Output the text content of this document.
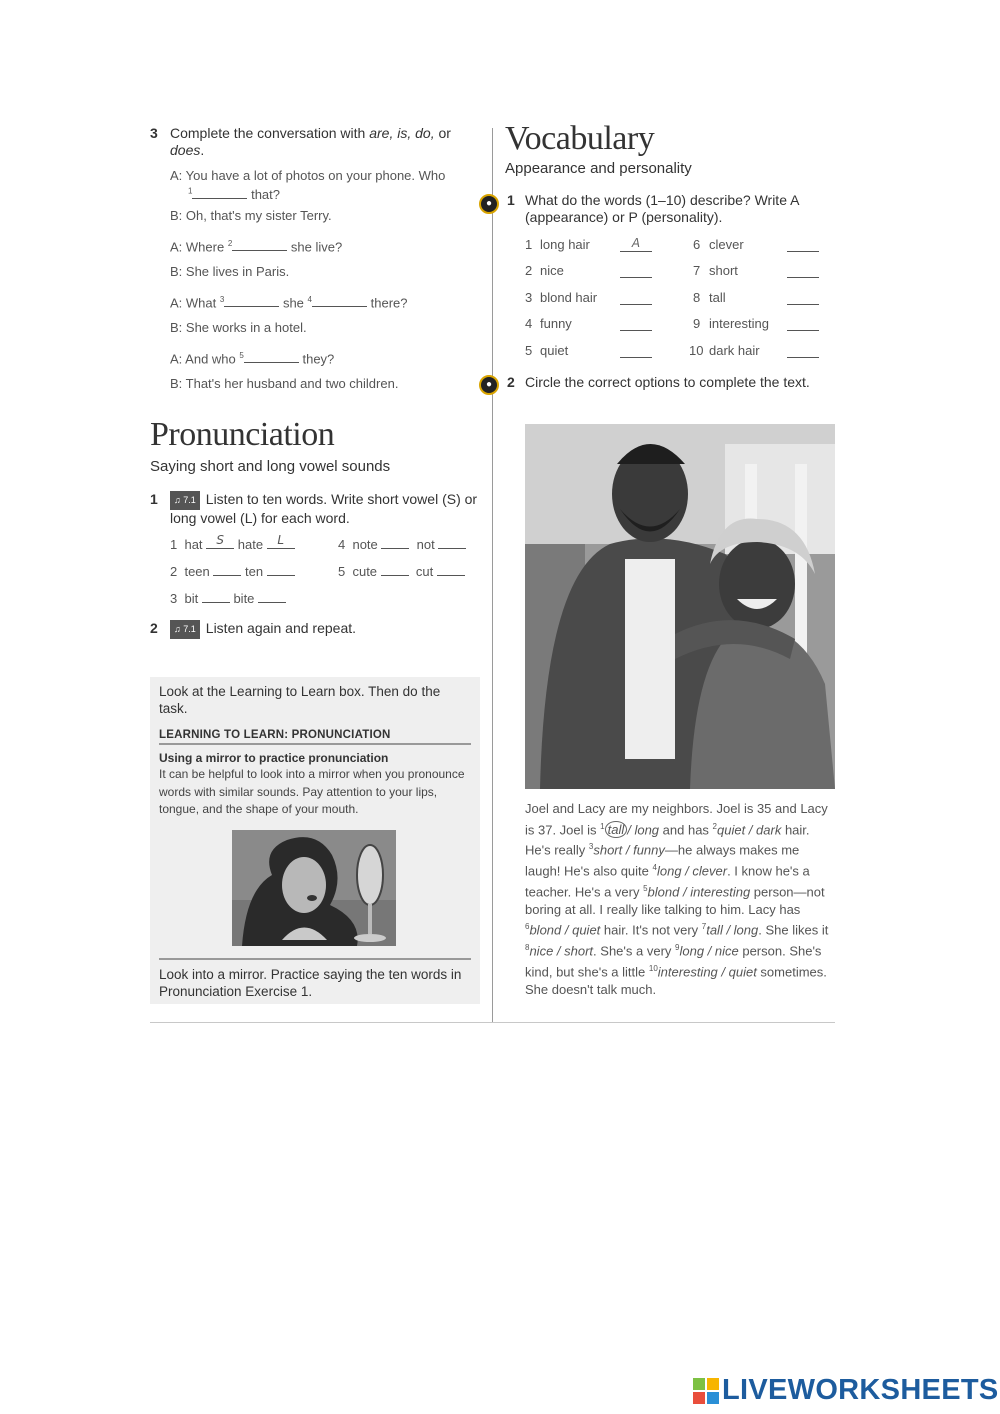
3 Complete the conversation with are, is, do, or does.
A: You have a lot of photos on your phone. Who
$^1$	that?
B: Oh, that's my sister Terry.
A: Where $^2$	she live?
B: She lives in Paris.
A: What $^3$	she $^4$	there?
B: She works in a hotel.
A: And who $^5$	they?
B: That's her husband and two children.
Pronunciation
Saying short and long vowel sounds
1	♫ 7.1 Listen to ten words. Write short vowel (S) or long vowel (L) for each word.
1 hat S hate L	4 note	not
2 teen	ten	5 cute	cut
3 bit	bite
2	♫ 7.1 Listen again and repeat.
Look at the Learning to Learn box. Then do the task.
LEARNING TO LEARN: PRONUNCIATION
Using a mirror to practice pronunciation
It can be helpful to look into a mirror when you pronounce words with similar sounds. Pay attention to your lips, tongue, and the shape of your mouth.
Look into a mirror. Practice saying the ten words in Pronunciation Exercise 1.
Vocabulary
Appearance and personality
1 What do the words (1–10) describe? Write A (appearance) or P (personality).
1 long hair	A	6 clever
2 nice	7 short
3 blond hair	8 tall
4 funny	9 interesting
5 quiet	10 dark hair
2 Circle the correct options to complete the text.
●
●
Joel and Lacy are my neighbors. Joel is 35 and Lacy is 37. Joel is $^1$ tall / long and has $^2$quiet / dark hair. He's really $^3$short / funny—he always makes me laugh! He's also quite $^4$long / clever. I know he's a teacher. He's a very $^5$blond / interesting person—not boring at all. I really like talking to him. Lacy has $^6$blond / quiet hair. It's not very $^7$tall / long. She likes it $^8$nice / short. She's a very $^9$long / nice person. She's kind, but she's a little $^{10}$interesting / quiet sometimes. She doesn't talk much.
LIVEWORKSHEETS
